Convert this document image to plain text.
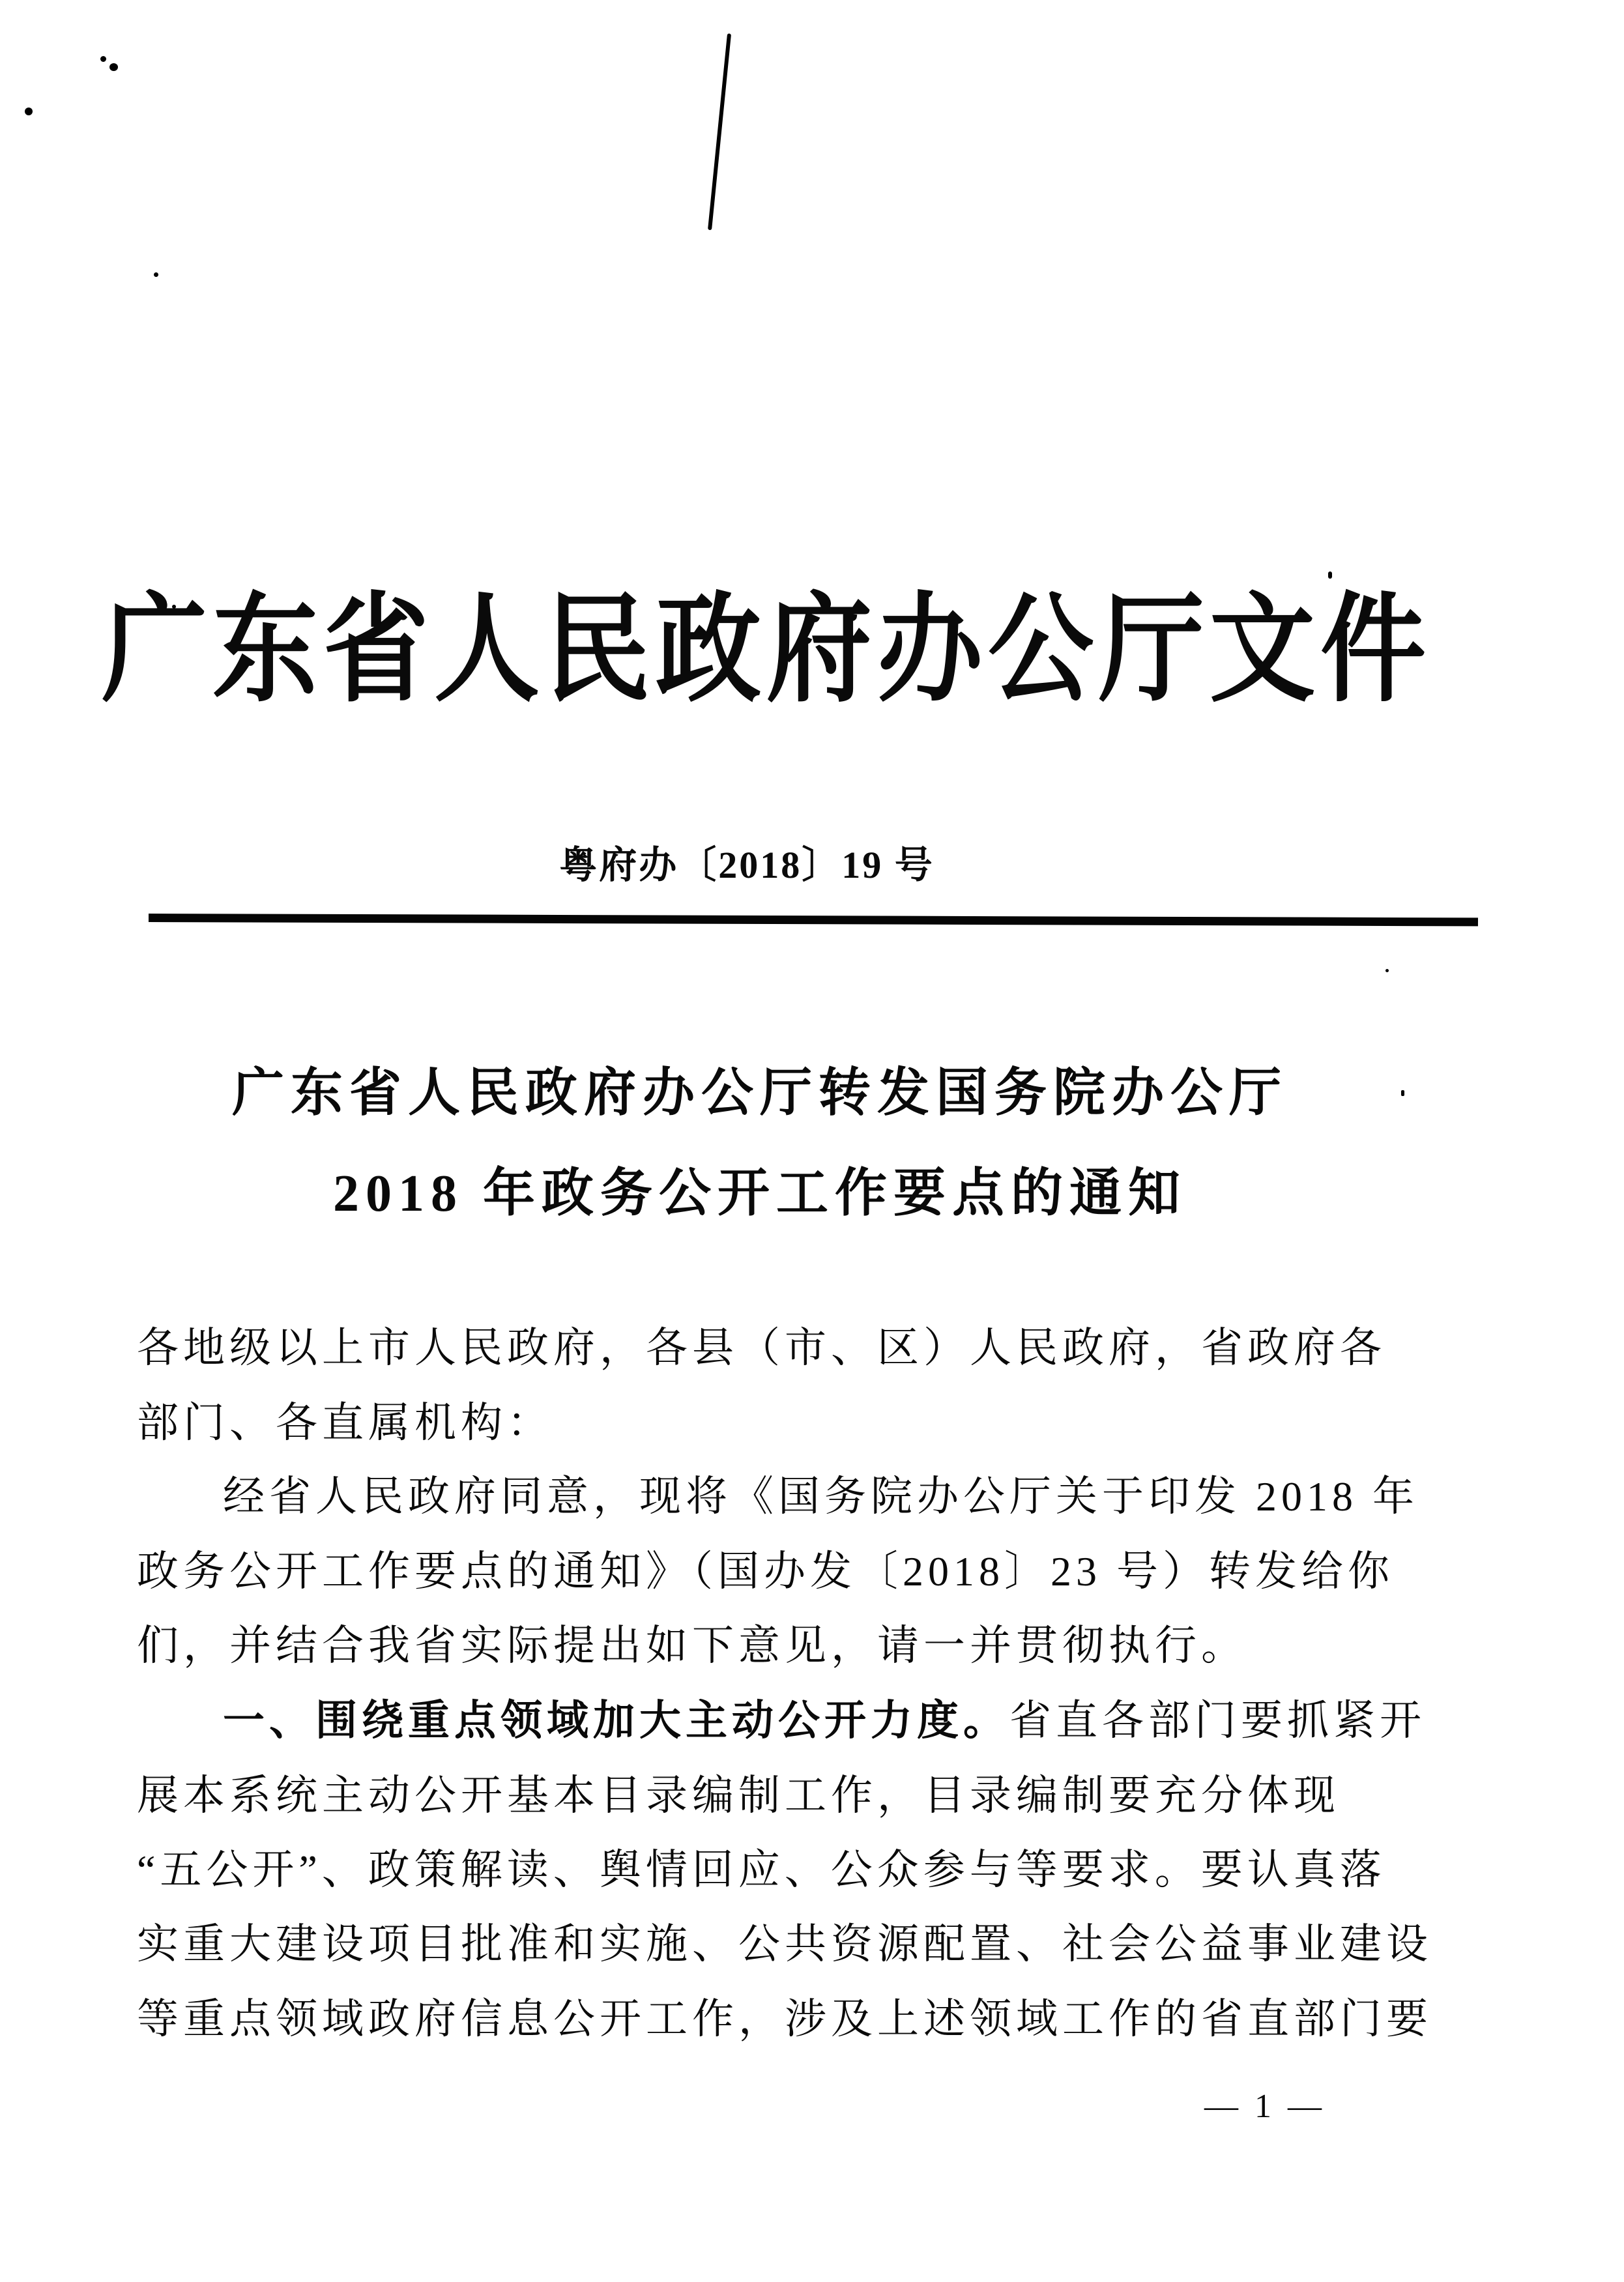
广东省人民政府办公厅文件
粤府办〔2018〕19 号
广东省人民政府办公厅转发国务院办公厅
2018 年政务公开工作要点的通知
各地级以上市人民政府，各县（市、区）人民政府，省政府各
部门、各直属机构：
经省人民政府同意，现将《国务院办公厅关于印发 2018 年
政务公开工作要点的通知》（国办发〔2018〕23 号）转发给你
们，并结合我省实际提出如下意见，请一并贯彻执行。
一、围绕重点领域加大主动公开力度。省直各部门要抓紧开
展本系统主动公开基本目录编制工作，目录编制要充分体现
“五公开”、政策解读、舆情回应、公众参与等要求。要认真落
实重大建设项目批准和实施、公共资源配置、社会公益事业建设
等重点领域政府信息公开工作，涉及上述领域工作的省直部门要
— 1 —
